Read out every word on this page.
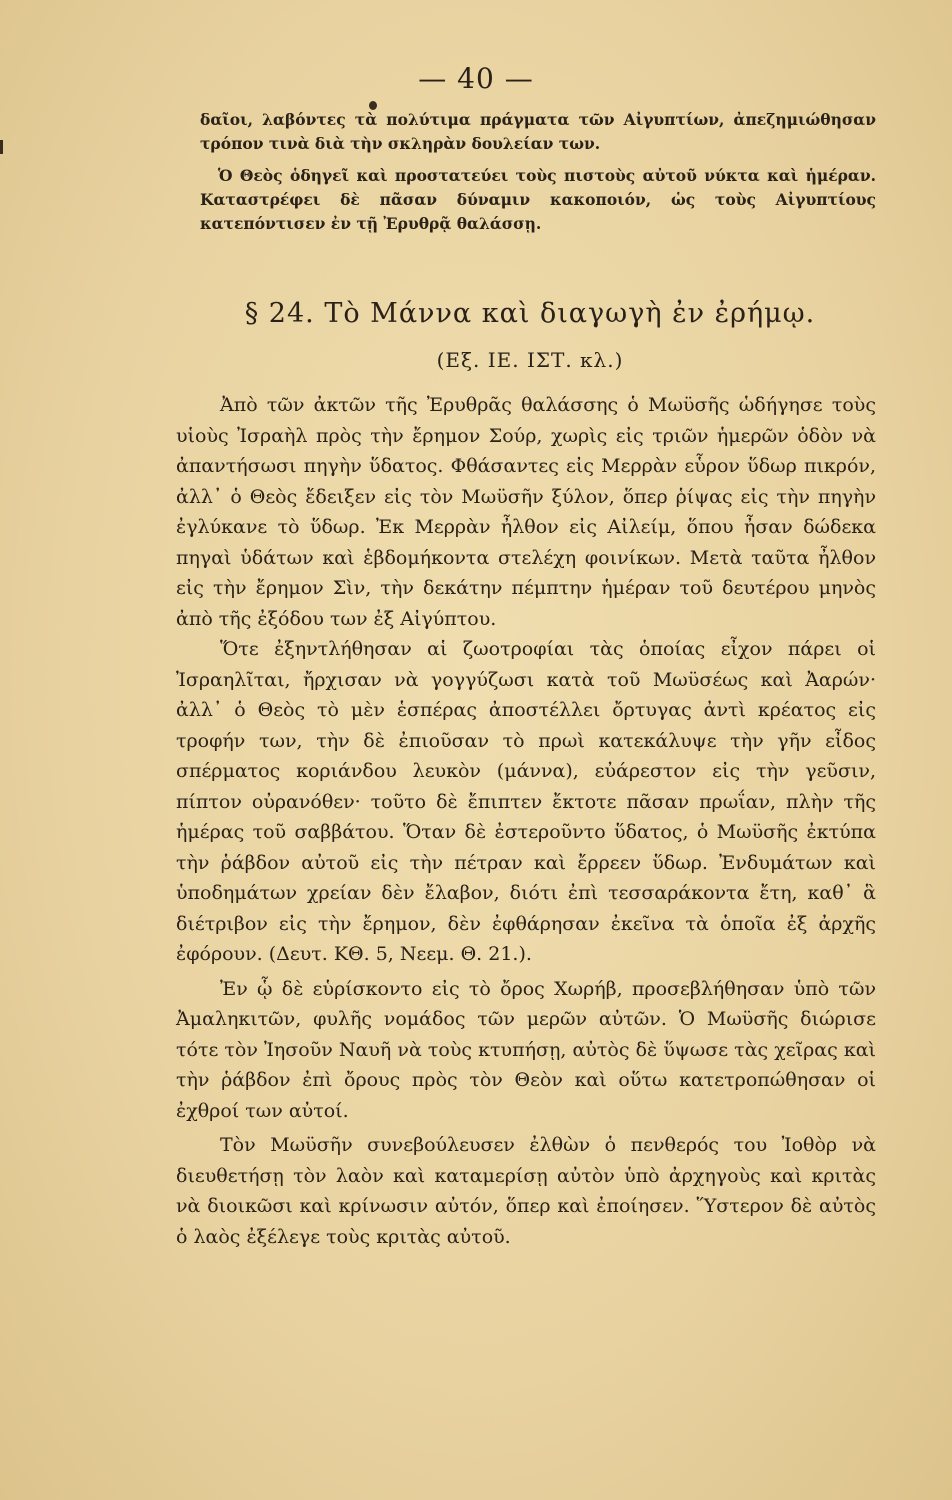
— 40 —

δαῖοι, λαβόντες τὰ πολύτιμα πράγματα τῶν Αἰγυπτίων, ἀπεζημιώθησαν τρόπον τινὰ διὰ τὴν σκληρὰν δουλείαν των.

Ὁ Θεὸς ὁδηγεῖ καὶ προστατεύει τοὺς πιστοὺς αὐτοῦ νύκτα καὶ ἡμέραν. Καταστρέφει δὲ πᾶσαν δύναμιν κακοποιόν, ὡς τοὺς Αἰγυπτίους κατεπόντισεν ἐν τῇ Ἐρυθρᾷ θαλάσσῃ.

§ 24. Τὸ Μάννα καὶ διαγωγὴ ἐν ἐρήμῳ.
(Εξ. ΙΕ. ΙΣΤ. κλ.)

Ἀπὸ τῶν ἀκτῶν τῆς Ἐρυθρᾶς θαλάσσης ὁ Μωϋσῆς ὡδήγησε τοὺς υἱοὺς Ἰσραὴλ πρὸς τὴν ἔρημον Σούρ, χωρὶς εἰς τριῶν ἡμερῶν ὁδὸν νὰ ἀπαντήσωσι πηγὴν ὕδατος. Φθάσαντες εἰς Μερρὰν εὗρον ὕδωρ πικρόν, ἀλλ᾽ ὁ Θεὸς ἔδειξεν εἰς τὸν Μωϋσῆν ξύλον, ὅπερ ῥίψας εἰς τὴν πηγὴν ἐγλύκανε τὸ ὕδωρ. Ἐκ Μερρὰν ἦλθον εἰς Αἰλείμ, ὅπου ἦσαν δώδεκα πηγαὶ ὑδάτων καὶ ἑβδομήκοντα στελέχη φοινίκων. Μετὰ ταῦτα ἦλθον εἰς τὴν ἔρημον Σὶν, τὴν δεκάτην πέμπτην ἡμέραν τοῦ δευτέρου μηνὸς ἀπὸ τῆς ἐξόδου των ἐξ Αἰγύπτου.

Ὅτε ἐξηντλήθησαν αἱ ζωοτροφίαι τὰς ὁποίας εἶχον πάρει οἱ Ἰσραηλῖται, ἤρχισαν νὰ γογγύζωσι κατὰ τοῦ Μωϋσέως καὶ Ἀαρών· ἀλλ᾽ ὁ Θεὸς τὸ μὲν ἑσπέρας ἀποστέλλει ὄρτυγας ἀντὶ κρέατος εἰς τροφήν των, τὴν δὲ ἐπιοῦσαν τὸ πρωὶ κατεκάλυψε τὴν γῆν εἶδος σπέρματος κοριάνδου λευκὸν (μάννα), εὐάρεστον εἰς τὴν γεῦσιν, πίπτον οὐρανόθεν· τοῦτο δὲ ἔπιπτεν ἔκτοτε πᾶσαν πρωΐαν, πλὴν τῆς ἡμέρας τοῦ σαββάτου. Ὅταν δὲ ἐστεροῦντο ὕδατος, ὁ Μωϋσῆς ἐκτύπα τὴν ῥάβδον αὐτοῦ εἰς τὴν πέτραν καὶ ἔρρεεν ὕδωρ. Ἐνδυμάτων καὶ ὑποδημάτων χρείαν δὲν ἔλαβον, διότι ἐπὶ τεσσαράκοντα ἔτη, καθ᾽ ἃ διέτριβον εἰς τὴν ἔρημον, δὲν ἐφθάρησαν ἐκεῖνα τὰ ὁποῖα ἐξ ἀρχῆς ἐφόρουν. (Δευτ. ΚΘ. 5, Νεεμ. Θ. 21.).

Ἐν ᾧ δὲ εὑρίσκοντο εἰς τὸ ὄρος Χωρήβ, προσεβλήθησαν ὑπὸ τῶν Ἀμαληκιτῶν, φυλῆς νομάδος τῶν μερῶν αὐτῶν. Ὁ Μωϋσῆς διώρισε τότε τὸν Ἰησοῦν Ναυῆ νὰ τοὺς κτυπήσῃ, αὐτὸς δὲ ὕψωσε τὰς χεῖρας καὶ τὴν ῥάβδον ἐπὶ ὄρους πρὸς τὸν Θεὸν καὶ οὕτω κατετροπώθησαν οἱ ἐχθροί των αὐτοί.

Τὸν Μωϋσῆν συνεβούλευσεν ἐλθὼν ὁ πενθερός του Ἰοθὸρ νὰ διευθετήσῃ τὸν λαὸν καὶ καταμερίσῃ αὐτὸν ὑπὸ ἀρχηγοὺς καὶ κριτὰς νὰ διοικῶσι καὶ κρίνωσιν αὐτόν, ὅπερ καὶ ἐποίησεν. Ὕστερον δὲ αὐτὸς ὁ λαὸς ἐξέλεγε τοὺς κριτὰς αὐτοῦ.
